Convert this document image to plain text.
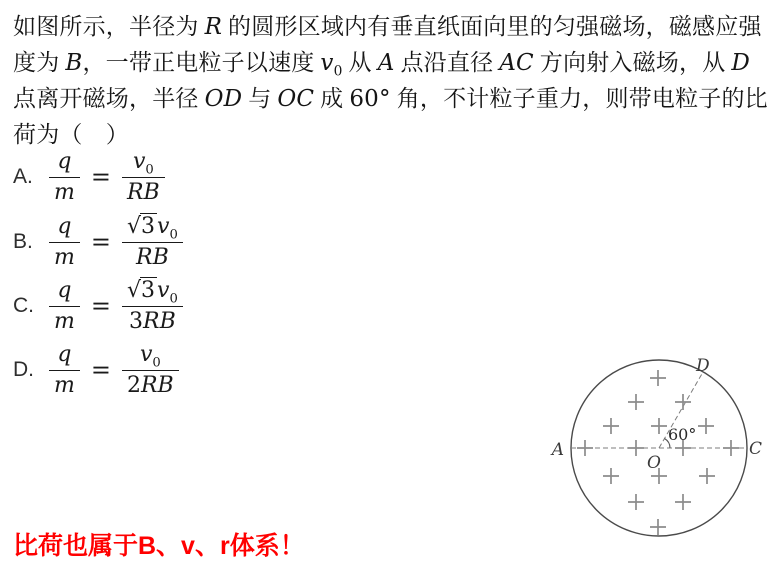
如图所示，半径为 R 的圆形区域内有垂直纸面向里的匀强磁场，磁感应强
度为 B，一带正电粒子以速度 $v_0$ 从 A 点沿直径 AC 方向射入磁场，从 D
点离开磁场，半径 OD 与 OC 成 60° 角，不计粒子重力，则带电粒子的比
荷为（　）
A. $\frac{q}{m} = \frac{v_0}{RB}$
B. $\frac{q}{m} = \frac{√3v_0}{RB}$
C. $\frac{q}{m} = \frac{√3v_0}{3RB}$
D. $\frac{q}{m} = \frac{v_0}{2RB}$
A	C
D
O
60°
比荷也属于B、v、r体系！
